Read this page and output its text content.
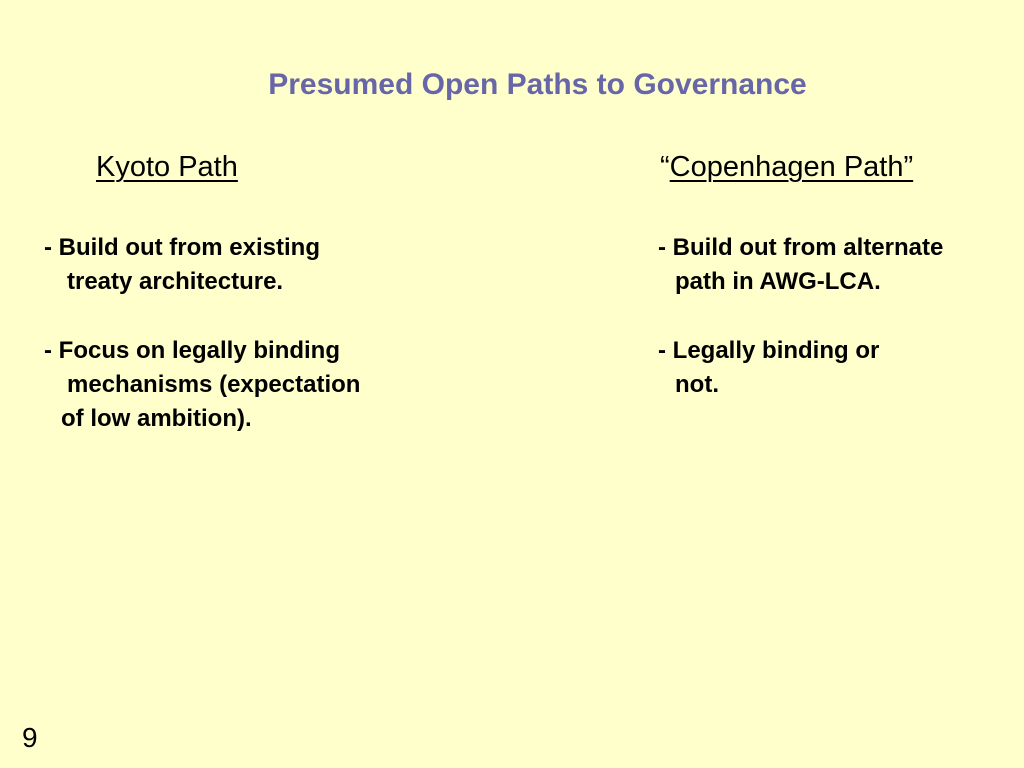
Presumed Open Paths to Governance
Kyoto Path	“Copenhagen Path”
- Build out from existing
treaty architecture.
- Focus on legally binding
mechanisms (expectation
of low ambition).
- Build out from alternate
path in AWG-LCA.
- Legally binding or
not.
9
